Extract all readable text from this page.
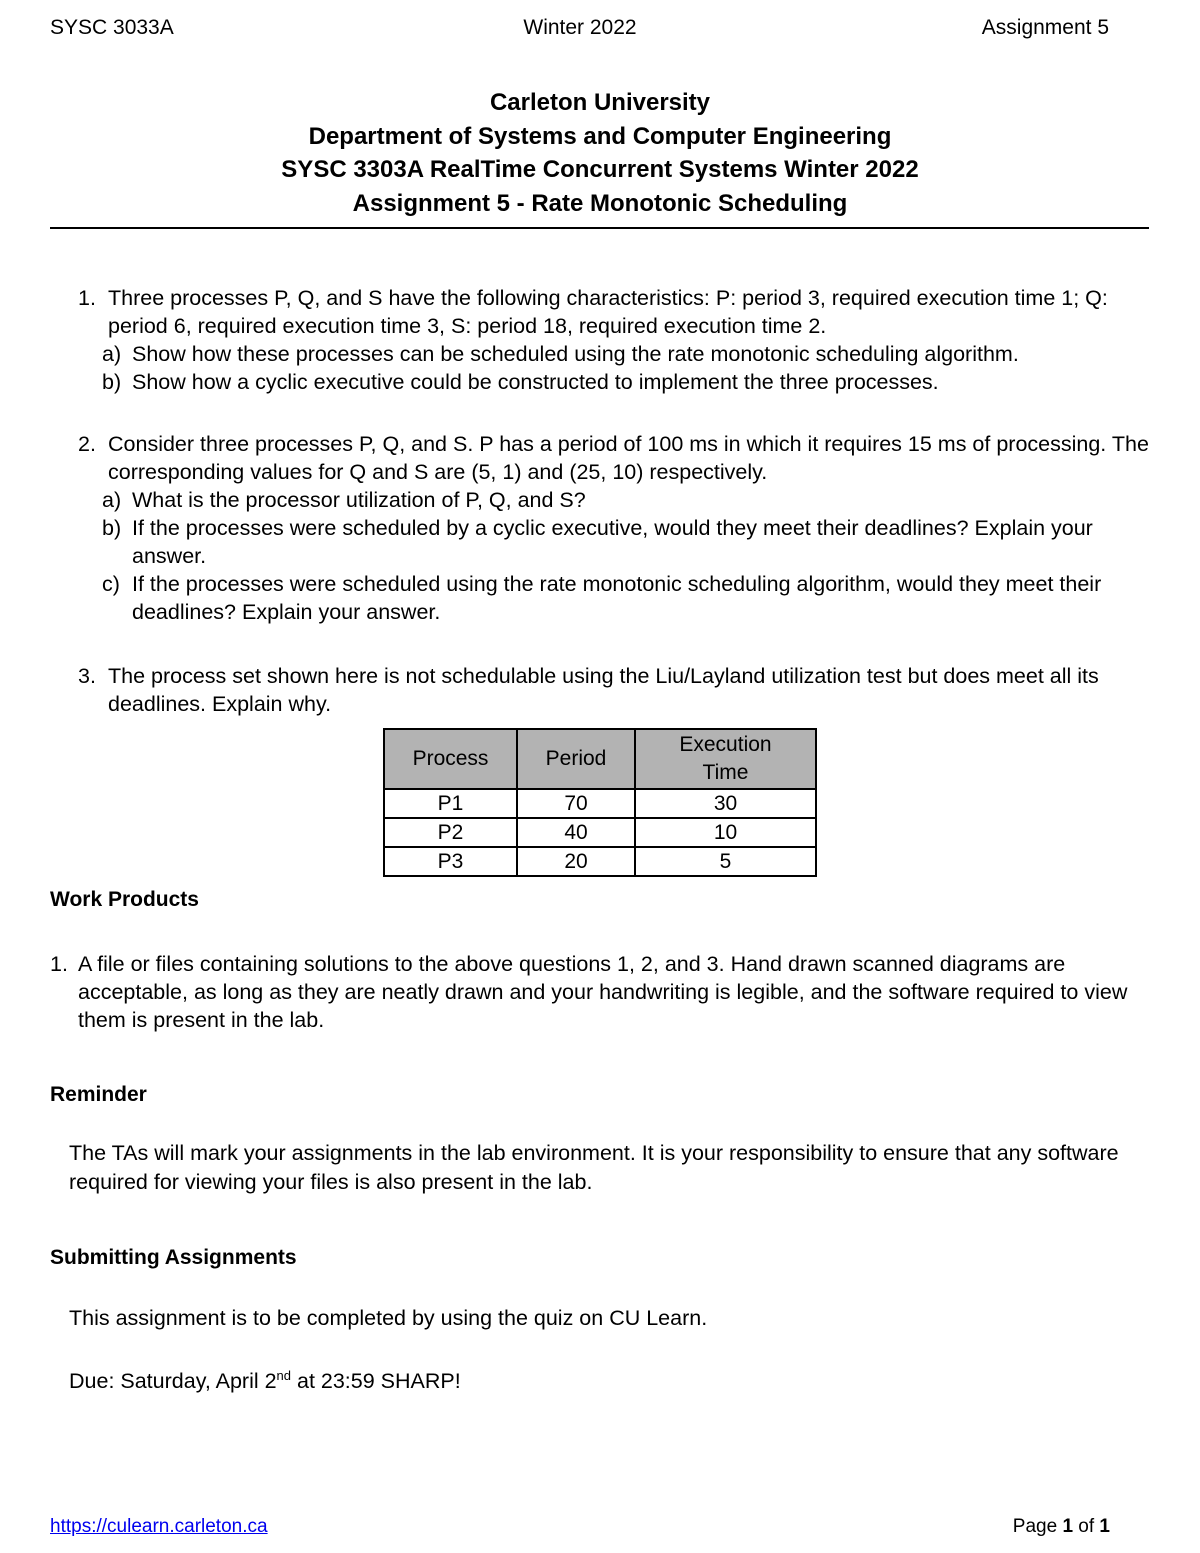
SYSC 3033A	Winter 2022	Assignment 5
Carleton University
Department of Systems and Computer Engineering
SYSC 3303A RealTime Concurrent Systems Winter 2022
Assignment 5 - Rate Monotonic Scheduling
1. Three processes P, Q, and S have the following characteristics: P: period 3, required execution time 1; Q: period 6, required execution time 3, S: period 18, required execution time 2.
a) Show how these processes can be scheduled using the rate monotonic scheduling algorithm.
b) Show how a cyclic executive could be constructed to implement the three processes.
2. Consider three processes P, Q, and S. P has a period of 100 ms in which it requires 15 ms of processing. The corresponding values for Q and S are (5, 1) and (25, 10) respectively.
a) What is the processor utilization of P, Q, and S?
b) If the processes were scheduled by a cyclic executive, would they meet their deadlines? Explain your answer.
c) If the processes were scheduled using the rate monotonic scheduling algorithm, would they meet their deadlines? Explain your answer.
3. The process set shown here is not schedulable using the Liu/Layland utilization test but does meet all its deadlines. Explain why.
Process	Period	Execution Time

P1	70	30
P2	40	10
P3	20	5
Work Products
1. A file or files containing solutions to the above questions 1, 2, and 3. Hand drawn scanned diagrams are acceptable, as long as they are neatly drawn and your handwriting is legible, and the software required to view them is present in the lab.
Reminder
The TAs will mark your assignments in the lab environment. It is your responsibility to ensure that any software required for viewing your files is also present in the lab.
Submitting Assignments
This assignment is to be completed by using the quiz on CU Learn.
Due: Saturday, April 2nd at 23:59 SHARP!
https://culearn.carleton.ca	Page 1 of 1
